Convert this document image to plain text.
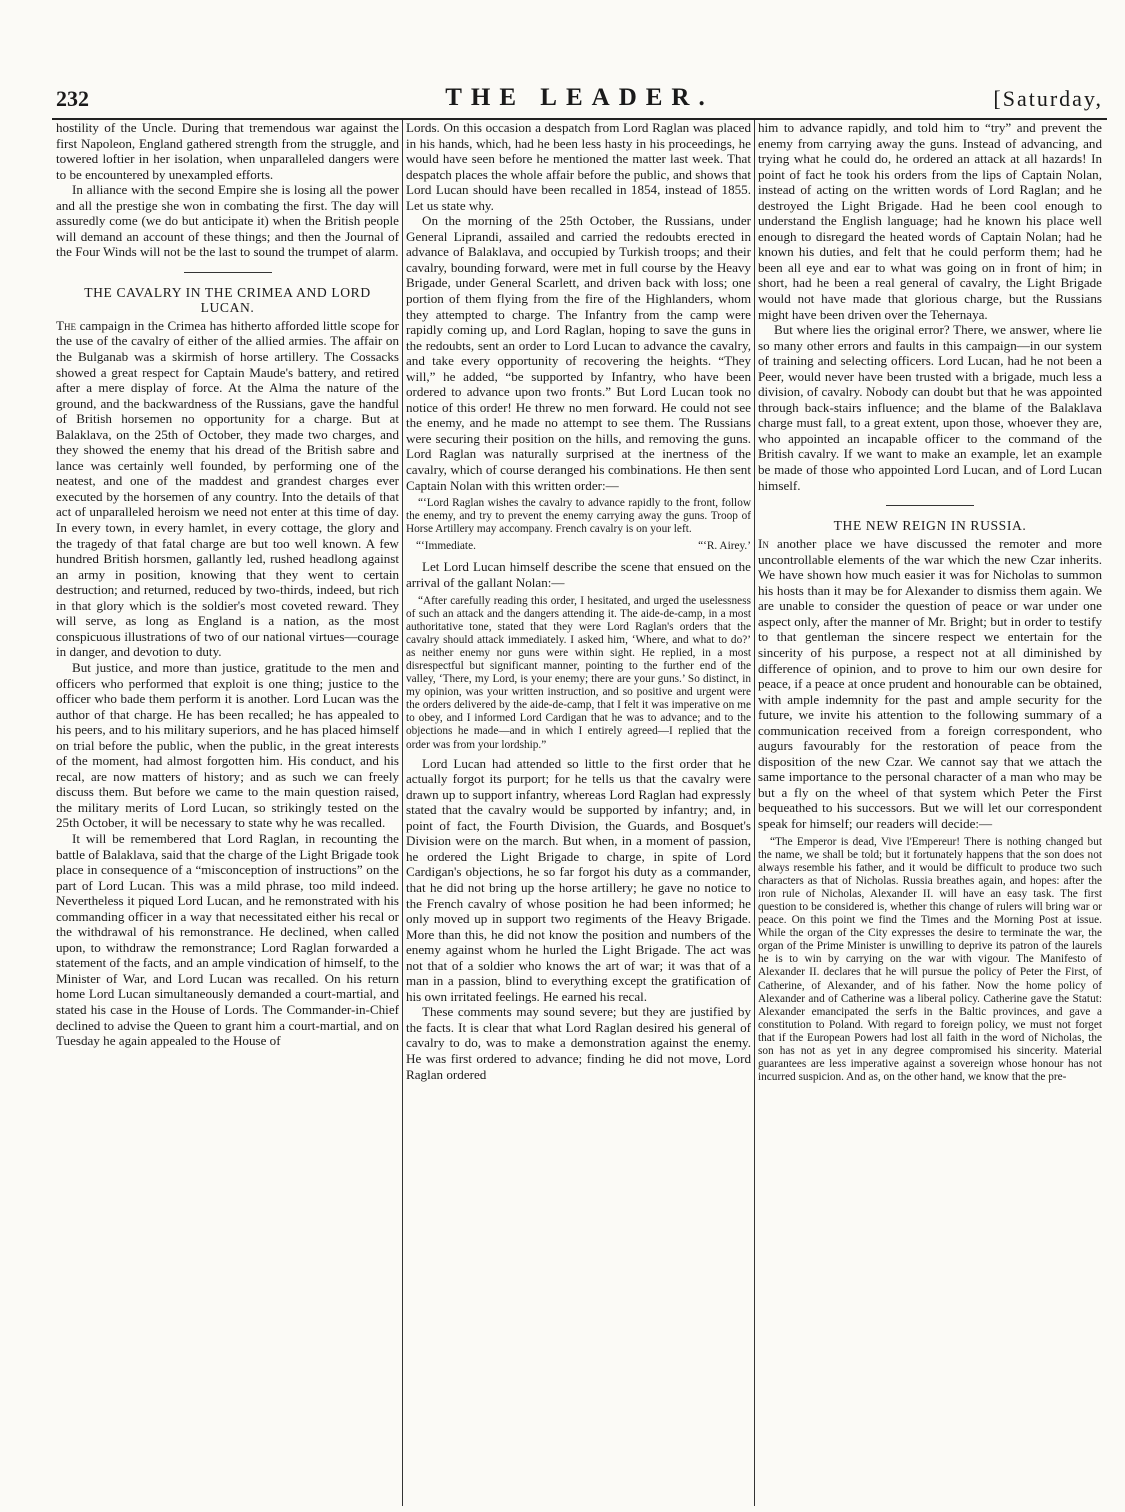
232	THE LEADER.	[Saturday,

hostility of the Uncle. During that tremendous war against the first Napoleon, England gathered strength from the struggle, and towered loftier in her isolation, when unparalleled dangers were to be encountered by unexampled efforts.

In alliance with the second Empire she is losing all the power and all the prestige she won in combating the first. The day will assuredly come (we do but anticipate it) when the British people will demand an account of these things; and then the Journal of the Four Winds will not be the last to sound the trumpet of alarm.

THE CAVALRY IN THE CRIMEA AND LORD LUCAN.

The campaign in the Crimea has hitherto afforded little scope for the use of the cavalry of either of the allied armies. The affair on the Bulganab was a skirmish of horse artillery. The Cossacks showed a great respect for Captain Maude's battery, and retired after a mere display of force. At the Alma the nature of the ground, and the backwardness of the Russians, gave the handful of British horsemen no opportunity for a charge. But at Balaklava, on the 25th of October, they made two charges, and they showed the enemy that his dread of the British sabre and lance was certainly well founded, by performing one of the neatest, and one of the maddest and grandest charges ever executed by the horsemen of any country. Into the details of that act of unparalleled heroism we need not enter at this time of day. In every town, in every hamlet, in every cottage, the glory and the tragedy of that fatal charge are but too well known. A few hundred British horsmen, gallantly led, rushed headlong against an army in position, knowing that they went to certain destruction; and returned, reduced by two-thirds, indeed, but rich in that glory which is the soldier's most coveted reward. They will serve, as long as England is a nation, as the most conspicuous illustrations of two of our national virtues—courage in danger, and devotion to duty.

But justice, and more than justice, gratitude to the men and officers who performed that exploit is one thing; justice to the officer who bade them perform it is another. Lord Lucan was the author of that charge. He has been recalled; he has appealed to his peers, and to his military superiors, and he has placed himself on trial before the public, when the public, in the great interests of the moment, had almost forgotten him. His conduct, and his recal, are now matters of history; and as such we can freely discuss them. But before we came to the main question raised, the military merits of Lord Lucan, so strikingly tested on the 25th October, it will be necessary to state why he was recalled.

It will be remembered that Lord Raglan, in recounting the battle of Balaklava, said that the charge of the Light Brigade took place in consequence of a “misconception of instructions” on the part of Lord Lucan. This was a mild phrase, too mild indeed. Nevertheless it piqued Lord Lucan, and he remonstrated with his commanding officer in a way that necessitated either his recal or the withdrawal of his remonstrance. He declined, when called upon, to withdraw the remonstrance; Lord Raglan forwarded a statement of the facts, and an ample vindication of himself, to the Minister of War, and Lord Lucan was recalled. On his return home Lord Lucan simultaneously demanded a court-martial, and stated his case in the House of Lords. The Commander-in-Chief declined to advise the Queen to grant him a court-martial, and on Tuesday he again appealed to the House of

Lords. On this occasion a despatch from Lord Raglan was placed in his hands, which, had he been less hasty in his proceedings, he would have seen before he mentioned the matter last week. That despatch places the whole affair before the public, and shows that Lord Lucan should have been recalled in 1854, instead of 1855. Let us state why.

On the morning of the 25th October, the Russians, under General Liprandi, assailed and carried the redoubts erected in advance of Balaklava, and occupied by Turkish troops; and their cavalry, bounding forward, were met in full course by the Heavy Brigade, under General Scarlett, and driven back with loss; one portion of them flying from the fire of the Highlanders, whom they attempted to charge. The Infantry from the camp were rapidly coming up, and Lord Raglan, hoping to save the guns in the redoubts, sent an order to Lord Lucan to advance the cavalry, and take every opportunity of recovering the heights. “They will,” he added, “be supported by Infantry, who have been ordered to advance upon two fronts.” But Lord Lucan took no notice of this order! He threw no men forward. He could not see the enemy, and he made no attempt to see them. The Russians were securing their position on the hills, and removing the guns. Lord Raglan was naturally surprised at the inertness of the cavalry, which of course deranged his combinations. He then sent Captain Nolan with this written order:—

“‘Lord Raglan wishes the cavalry to advance rapidly to the front, follow the enemy, and try to prevent the enemy carrying away the guns. Troop of Horse Artillery may accompany. French cavalry is on your left.

“‘Immediate.	“‘R. Airey.’

Let Lord Lucan himself describe the scene that ensued on the arrival of the gallant Nolan:—

“After carefully reading this order, I hesitated, and urged the uselessness of such an attack and the dangers attending it. The aide-de-camp, in a most authoritative tone, stated that they were Lord Raglan's orders that the cavalry should attack immediately. I asked him, ‘Where, and what to do?’ as neither enemy nor guns were within sight. He replied, in a most disrespectful but significant manner, pointing to the further end of the valley, ‘There, my Lord, is your enemy; there are your guns.’ So distinct, in my opinion, was your written instruction, and so positive and urgent were the orders delivered by the aide-de-camp, that I felt it was imperative on me to obey, and I informed Lord Cardigan that he was to advance; and to the objections he made—and in which I entirely agreed—I replied that the order was from your lordship.”

Lord Lucan had attended so little to the first order that he actually forgot its purport; for he tells us that the cavalry were drawn up to support infantry, whereas Lord Raglan had expressly stated that the cavalry would be supported by infantry; and, in point of fact, the Fourth Division, the Guards, and Bosquet's Division were on the march. But when, in a moment of passion, he ordered the Light Brigade to charge, in spite of Lord Cardigan's objections, he so far forgot his duty as a commander, that he did not bring up the horse artillery; he gave no notice to the French cavalry of whose position he had been informed; he only moved up in support two regiments of the Heavy Brigade. More than this, he did not know the position and numbers of the enemy against whom he hurled the Light Brigade. The act was not that of a soldier who knows the art of war; it was that of a man in a passion, blind to everything except the gratification of his own irritated feelings. He earned his recal.

These comments may sound severe; but they are justified by the facts. It is clear that what Lord Raglan desired his general of cavalry to do, was to make a demonstration against the enemy. He was first ordered to advance; finding he did not move, Lord Raglan ordered

him to advance rapidly, and told him to “try” and prevent the enemy from carrying away the guns. Instead of advancing, and trying what he could do, he ordered an attack at all hazards! In point of fact he took his orders from the lips of Captain Nolan, instead of acting on the written words of Lord Raglan; and he destroyed the Light Brigade. Had he been cool enough to understand the English language; had he known his place well enough to disregard the heated words of Captain Nolan; had he known his duties, and felt that he could perform them; had he been all eye and ear to what was going on in front of him; in short, had he been a real general of cavalry, the Light Brigade would not have made that glorious charge, but the Russians might have been driven over the Tehernaya.

But where lies the original error? There, we answer, where lie so many other errors and faults in this campaign—in our system of training and selecting officers. Lord Lucan, had he not been a Peer, would never have been trusted with a brigade, much less a division, of cavalry. Nobody can doubt but that he was appointed through back-stairs influence; and the blame of the Balaklava charge must fall, to a great extent, upon those, whoever they are, who appointed an incapable officer to the command of the British cavalry. If we want to make an example, let an example be made of those who appointed Lord Lucan, and of Lord Lucan himself.

THE NEW REIGN IN RUSSIA.

In another place we have discussed the remoter and more uncontrollable elements of the war which the new Czar inherits. We have shown how much easier it was for Nicholas to summon his hosts than it may be for Alexander to dismiss them again. We are unable to consider the question of peace or war under one aspect only, after the manner of Mr. Bright; but in order to testify to that gentleman the sincere respect we entertain for the sincerity of his purpose, a respect not at all diminished by difference of opinion, and to prove to him our own desire for peace, if a peace at once prudent and honourable can be obtained, with ample indemnity for the past and ample security for the future, we invite his attention to the following summary of a communication received from a foreign correspondent, who augurs favourably for the restoration of peace from the disposition of the new Czar. We cannot say that we attach the same importance to the personal character of a man who may be but a fly on the wheel of that system which Peter the First bequeathed to his successors. But we will let our correspondent speak for himself; our readers will decide:—

“The Emperor is dead, Vive l'Empereur! There is nothing changed but the name, we shall be told; but it fortunately happens that the son does not always resemble his father, and it would be difficult to produce two such characters as that of Nicholas. Russia breathes again, and hopes: after the iron rule of Nicholas, Alexander II. will have an easy task. The first question to be considered is, whether this change of rulers will bring war or peace. On this point we find the Times and the Morning Post at issue. While the organ of the City expresses the desire to terminate the war, the organ of the Prime Minister is unwilling to deprive its patron of the laurels he is to win by carrying on the war with vigour. The Manifesto of Alexander II. declares that he will pursue the policy of Peter the First, of Catherine, of Alexander, and of his father. Now the home policy of Alexander and of Catherine was a liberal policy. Catherine gave the Statut: Alexander emancipated the serfs in the Baltic provinces, and gave a constitution to Poland. With regard to foreign policy, we must not forget that if the European Powers had lost all faith in the word of Nicholas, the son has not as yet in any degree compromised his sincerity. Material guarantees are less imperative against a sovereign whose honour has not incurred suspicion. And as, on the other hand, we know that the pre-
